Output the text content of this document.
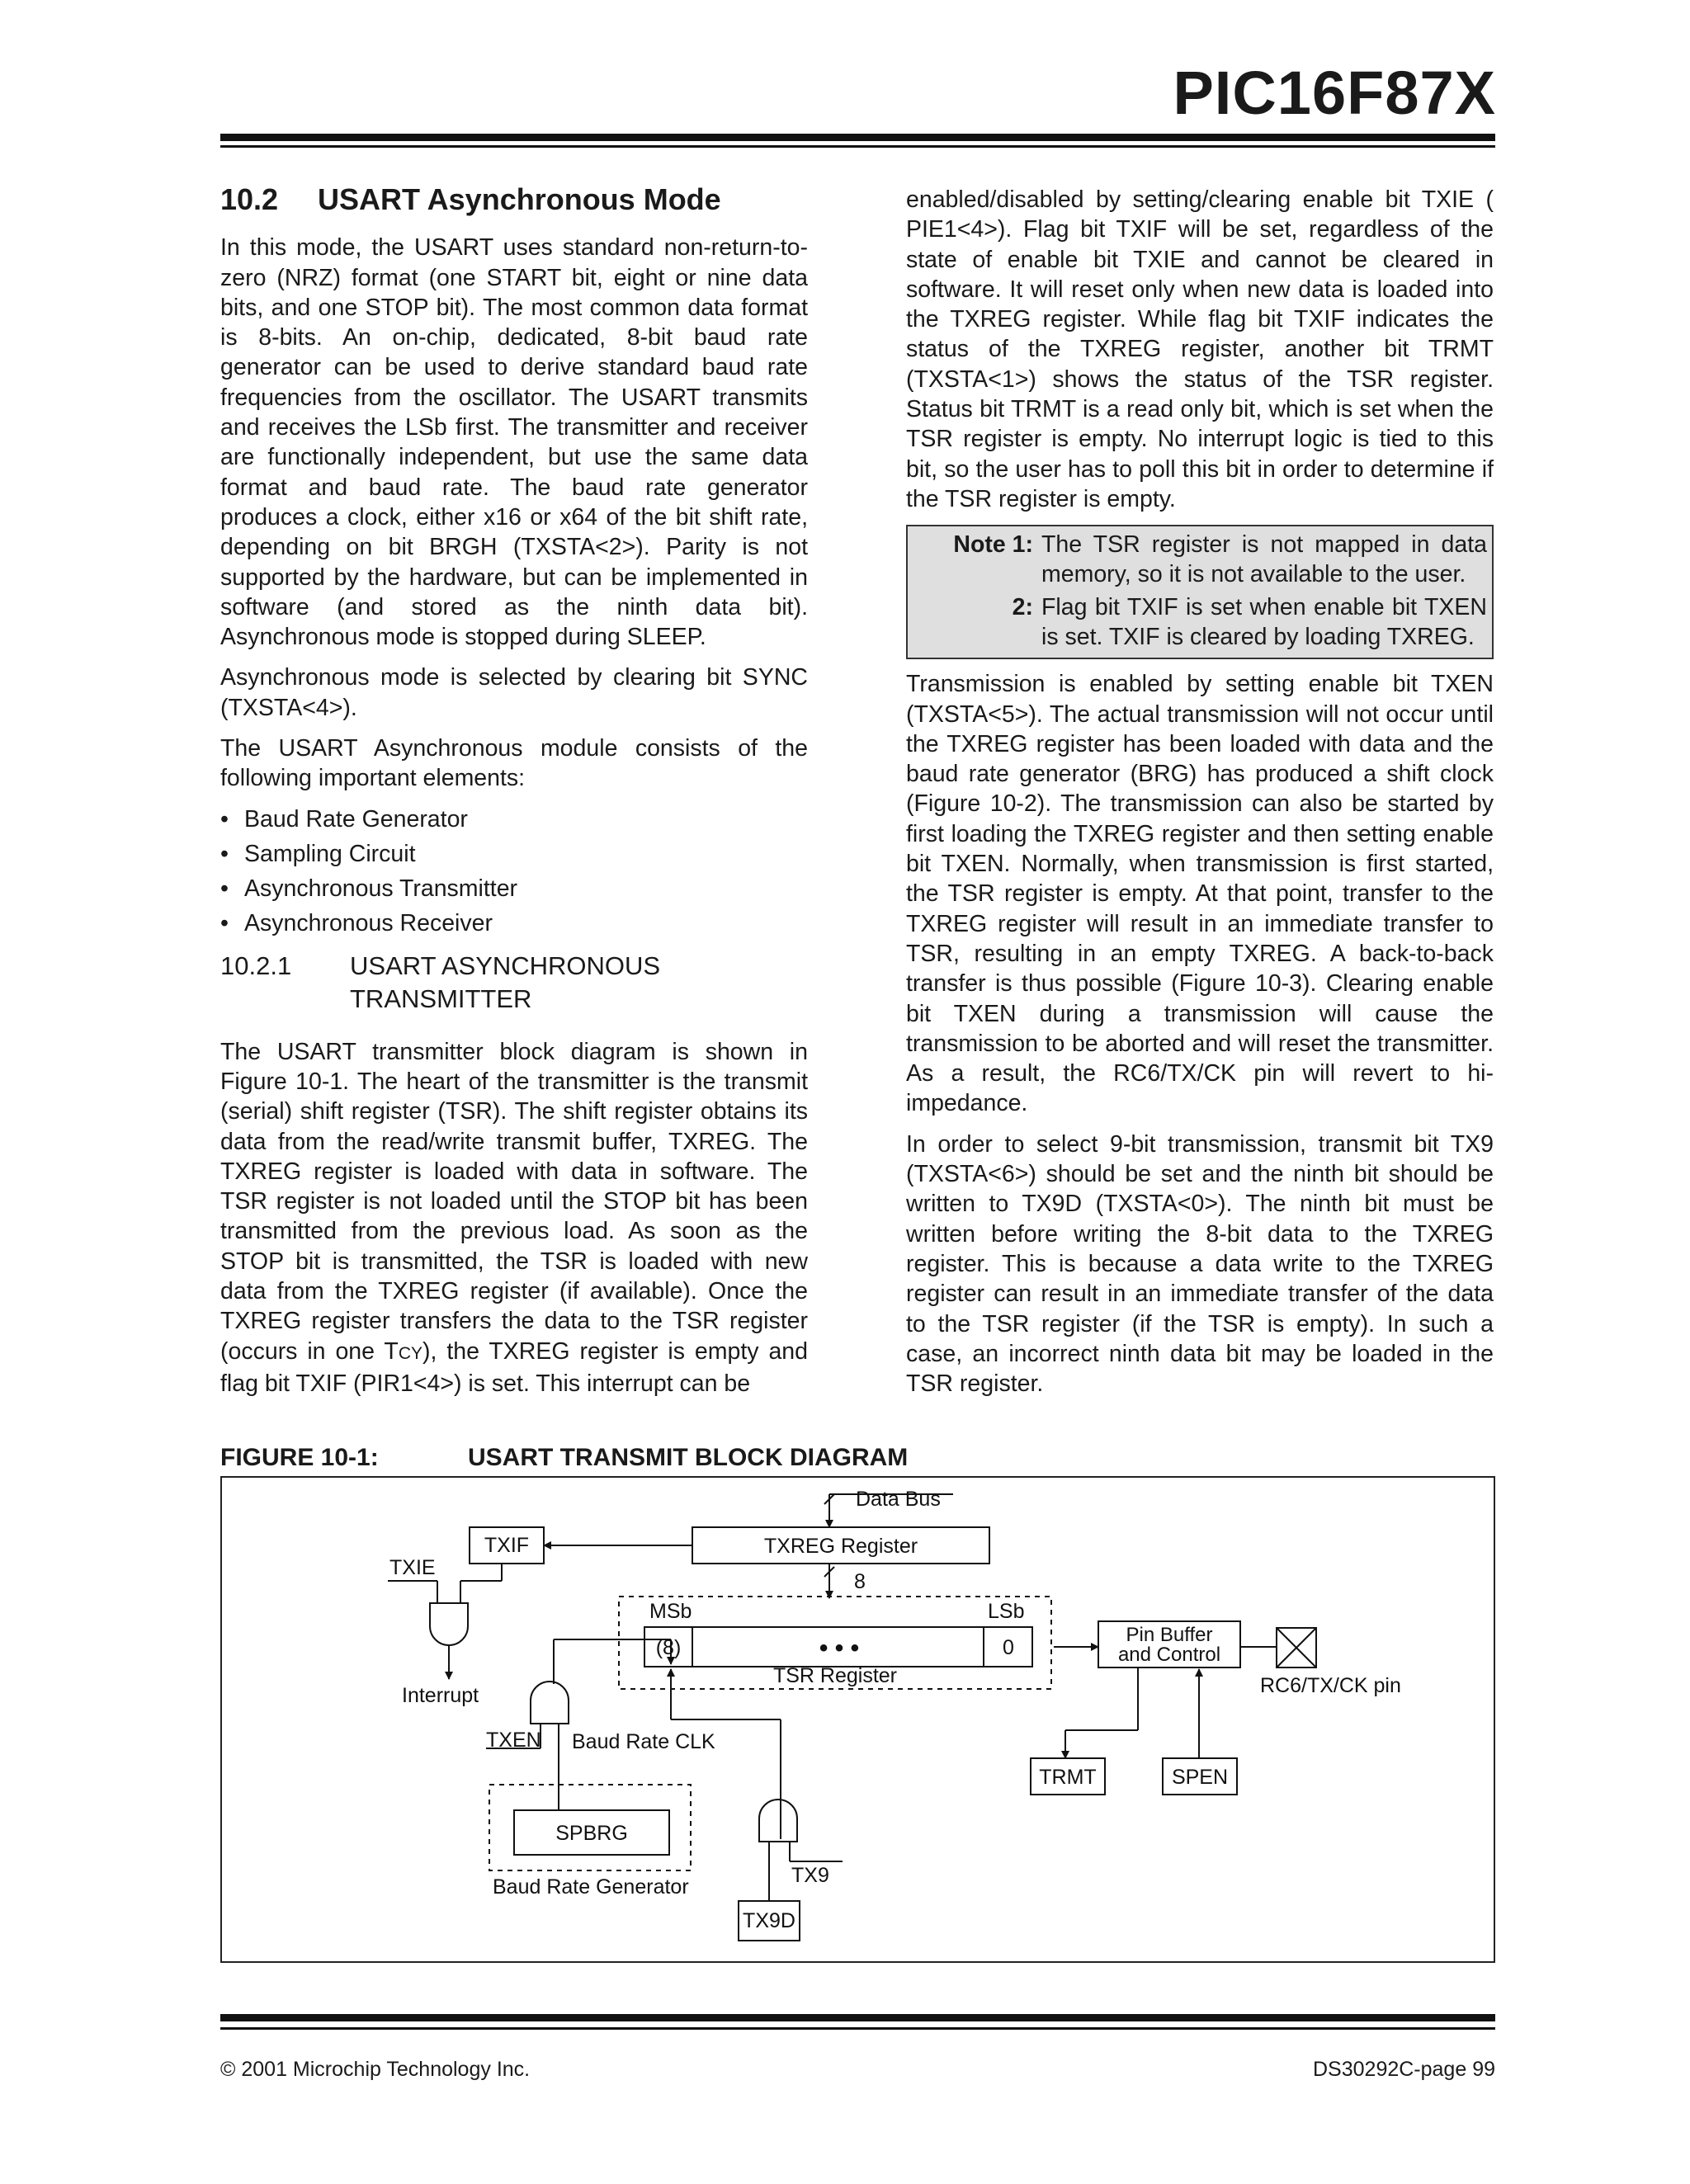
PIC16F87X
10.2 USART Asynchronous Mode

In this mode, the USART uses standard non-return-to-zero (NRZ) format (one START bit, eight or nine data bits, and one STOP bit). The most common data format is 8-bits. An on-chip, dedicated, 8-bit baud rate generator can be used to derive standard baud rate frequencies from the oscillator. The USART transmits and receives the LSb first. The transmitter and receiver are functionally independent, but use the same data format and baud rate. The baud rate generator produces a clock, either x16 or x64 of the bit shift rate, depending on bit BRGH (TXSTA<2>). Parity is not supported by the hardware, but can be implemented in software (and stored as the ninth data bit). Asynchronous mode is stopped during SLEEP.

Asynchronous mode is selected by clearing bit SYNC (TXSTA<4>).

The USART Asynchronous module consists of the following important elements:

• Baud Rate Generator
• Sampling Circuit
• Asynchronous Transmitter
• Asynchronous Receiver
10.2.1	USART ASYNCHRONOUS TRANSMITTER

The USART transmitter block diagram is shown in Figure 10-1. The heart of the transmitter is the transmit (serial) shift register (TSR). The shift register obtains its data from the read/write transmit buffer, TXREG. The TXREG register is loaded with data in software. The TSR register is not loaded until the STOP bit has been transmitted from the previous load. As soon as the STOP bit is transmitted, the TSR is loaded with new data from the TXREG register (if available). Once the TXREG register transfers the data to the TSR register (occurs in one TCY), the TXREG register is empty and flag bit TXIF (PIR1<4>) is set. This interrupt can be

enabled/disabled by setting/clearing enable bit TXIE ( PIE1<4>). Flag bit TXIF will be set, regardless of the state of enable bit TXIE and cannot be cleared in software. It will reset only when new data is loaded into the TXREG register. While flag bit TXIF indicates the status of the TXREG register, another bit TRMT (TXSTA<1>) shows the status of the TSR register. Status bit TRMT is a read only bit, which is set when the TSR register is empty. No interrupt logic is tied to this bit, so the user has to poll this bit in order to determine if the TSR register is empty.

Note 1: The TSR register is not mapped in data memory, so it is not available to the user.
2: Flag bit TXIF is set when enable bit TXEN is set. TXIF is cleared by loading TXREG.

Transmission is enabled by setting enable bit TXEN (TXSTA<5>). The actual transmission will not occur until the TXREG register has been loaded with data and the baud rate generator (BRG) has produced a shift clock (Figure 10-2). The transmission can also be started by first loading the TXREG register and then setting enable bit TXEN. Normally, when transmission is first started, the TSR register is empty. At that point, transfer to the TXREG register will result in an immediate transfer to TSR, resulting in an empty TXREG. A back-to-back transfer is thus possible (Figure 10-3). Clearing enable bit TXEN during a transmission will cause the transmission to be aborted and will reset the transmitter. As a result, the RC6/TX/CK pin will revert to hi-impedance.

In order to select 9-bit transmission, transmit bit TX9 (TXSTA<6>) should be set and the ninth bit should be written to TX9D (TXSTA<0>). The ninth bit must be written before writing the 8-bit data to the TXREG register. This is because a data write to the TXREG register can result in an immediate transfer of the data to the TSR register (if the TSR is empty). In such a case, an incorrect ninth data bit may be loaded in the TSR register.

FIGURE 10-1:	USART TRANSMIT BLOCK DIAGRAM
Data Bus
TXIF	TXREG Register
8
TXIE
MSb	LSb
(8)	• • •	0
TSR Register
Pin Buffer
and Control
RC6/TX/CK pin
Interrupt
TXEN Baud Rate CLK
TRMT	SPEN
SPBRG
TX9
Baud Rate Generator
TX9D
© 2001 Microchip Technology Inc.	DS30292C-page 99
